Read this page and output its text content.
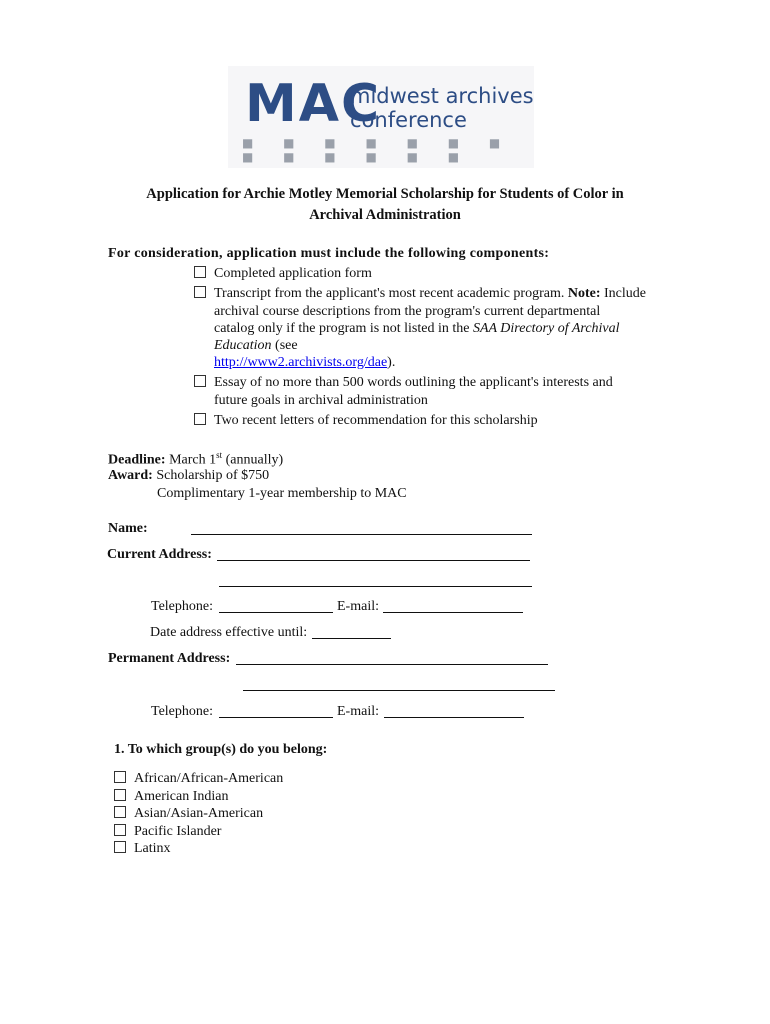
MAC
midwest archives
conference
■ ■ ■ ■ ■ ■ ■ ■ ■ ■ ■ ■ ■
Application for Archie Motley Memorial Scholarship for Students of Color in
Archival Administration
For consideration, application must include the following components:
Completed application form
Transcript from the applicant's most recent academic program. Note: Include
archival course descriptions from the program's current departmental
catalog only if the program is not listed in the SAA Directory of Archival
Education (see
http://www2.archivists.org/dae).
Essay of no more than 500 words outlining the applicant's interests and
future goals in archival administration
Two recent letters of recommendation for this scholarship
Deadline: March 1st (annually)
Award: Scholarship of $750
Complimentary 1-year membership to MAC
Name:
Current Address:
Telephone:	E-mail:
Date address effective until:
Permanent Address:
Telephone:	E-mail:
1. To which group(s) do you belong:
African/African-American
American Indian
Asian/Asian-American
Pacific Islander
Latinx
